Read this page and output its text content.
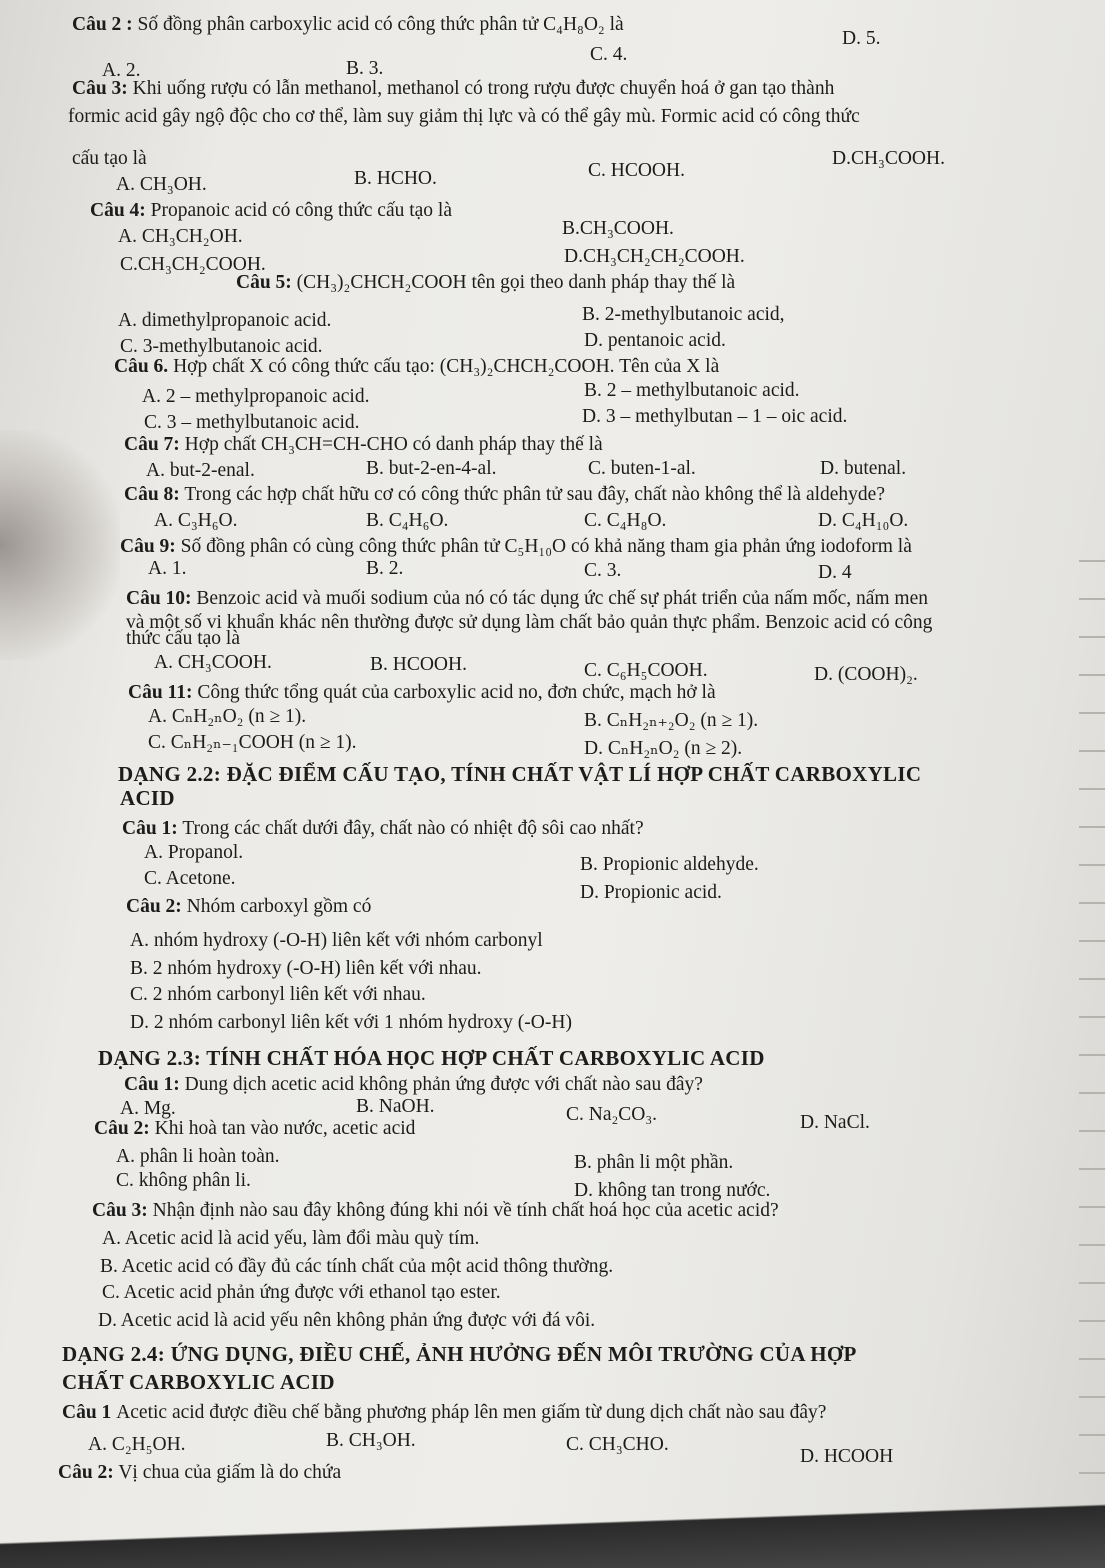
Câu 2 : Số đồng phân carboxylic acid có công thức phân tử C₄H₈O₂ là
A. 2.	B. 3.
C. 4.
D. 5.
Câu 3: Khi uống rượu có lẫn methanol, methanol có trong rượu được chuyển hoá ở gan tạo thành
formic acid gây ngộ độc cho cơ thể, làm suy giảm thị lực và có thể gây mù. Formic acid có công thức
cấu tạo là
A. CH₃OH.	B. HCHO.	C. HCOOH.
D.CH₃COOH.
Câu 4: Propanoic acid có công thức cấu tạo là
A. CH₃CH₂OH.	B.CH₃COOH.
C.CH₃CH₂COOH.	D.CH₃CH₂CH₂COOH.
Câu 5: (CH₃)₂CHCH₂COOH tên gọi theo danh pháp thay thế là
A. dimethylpropanoic acid.	B. 2-methylbutanoic acid,
C. 3-methylbutanoic acid.	D. pentanoic acid.
Câu 6. Hợp chất X có công thức cấu tạo: (CH₃)₂CHCH₂COOH. Tên của X là
A. 2 – methylpropanoic acid.	B. 2 – methylbutanoic acid.
C. 3 – methylbutanoic acid.	D. 3 – methylbutan – 1 – oic acid.
Câu 7: Hợp chất CH₃CH=CH-CHO có danh pháp thay thế là
A. but-2-enal.	B. but-2-en-4-al.	C. buten-1-al.	D. butenal.
Câu 8: Trong các hợp chất hữu cơ có công thức phân tử sau đây, chất nào không thể là aldehyde?
A. C₃H₆O.	B. C₄H₆O.	C. C₄H₈O.	D. C₄H₁₀O.
Câu 9: Số đồng phân có cùng công thức phân tử C₅H₁₀O có khả năng tham gia phản ứng iodoform là
A. 1.	B. 2.	C. 3.	D. 4
Câu 10: Benzoic acid và muối sodium của nó có tác dụng ức chế sự phát triển của nấm mốc, nấm men
và một số vi khuẩn khác nên thường được sử dụng làm chất bảo quản thực phẩm. Benzoic acid có công
thức cấu tạo là
A. CH₃COOH.	B. HCOOH.	C. C₆H₅COOH.	D. (COOH)₂.
Câu 11: Công thức tổng quát của carboxylic acid no, đơn chức, mạch hở là
A. CₙH₂ₙO₂ (n ≥ 1).	B. CₙH₂ₙ₊₂O₂ (n ≥ 1).
C. CₙH₂ₙ₋₁COOH (n ≥ 1).	D. CₙH₂ₙO₂ (n ≥ 2).
DẠNG 2.2: ĐẶC ĐIỂM CẤU TẠO, TÍNH CHẤT VẬT LÍ HỢP CHẤT CARBOXYLIC
ACID
Câu 1: Trong các chất dưới đây, chất nào có nhiệt độ sôi cao nhất?
A. Propanol.
B. Propionic aldehyde.
C. Acetone.
D. Propionic acid.
Câu 2: Nhóm carboxyl gồm có
A. nhóm hydroxy (-O-H) liên kết với nhóm carbonyl
B. 2 nhóm hydroxy (-O-H) liên kết với nhau.
C. 2 nhóm carbonyl liên kết với nhau.
D. 2 nhóm carbonyl liên kết với 1 nhóm hydroxy (-O-H)
DẠNG 2.3: TÍNH CHẤT HÓA HỌC HỢP CHẤT CARBOXYLIC ACID
Câu 1: Dung dịch acetic acid không phản ứng được với chất nào sau đây?
A. Mg.	B. NaOH.	C. Na₂CO₃.	D. NaCl.
Câu 2: Khi hoà tan vào nước, acetic acid
A. phân li hoàn toàn.	B. phân li một phần.
C. không phân li.	D. không tan trong nước.
Câu 3: Nhận định nào sau đây không đúng khi nói về tính chất hoá học của acetic acid?
A. Acetic acid là acid yếu, làm đổi màu quỳ tím.
B. Acetic acid có đầy đủ các tính chất của một acid thông thường.
C. Acetic acid phản ứng được với ethanol tạo ester.
D. Acetic acid là acid yếu nên không phản ứng được với đá vôi.
DẠNG 2.4: ỨNG DỤNG, ĐIỀU CHẾ, ẢNH HƯỞNG ĐẾN MÔI TRƯỜNG CỦA HỢP
CHẤT CARBOXYLIC ACID
Câu 1 Acetic acid được điều chế bằng phương pháp lên men giấm từ dung dịch chất nào sau đây?
A. C₂H₅OH.	B. CH₃OH.	C. CH₃CHO.
D. HCOOH
Câu 2: Vị chua của giấm là do chứa
